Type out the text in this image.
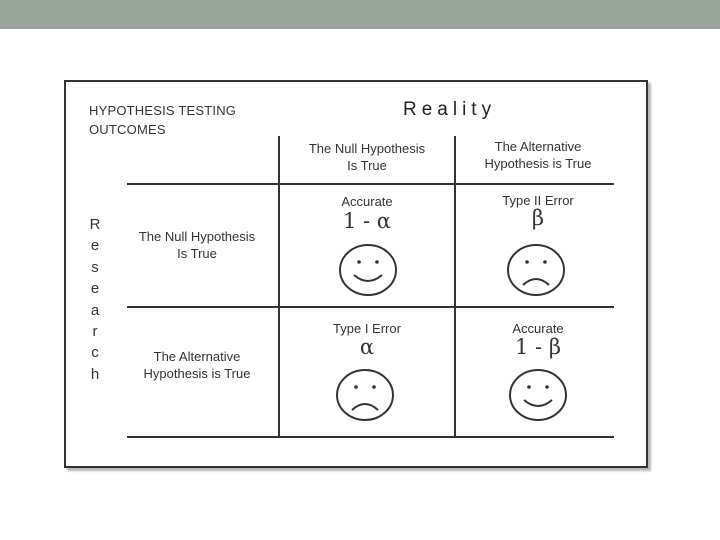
HYPOTHESIS TESTING
OUTCOMES
Reality
The Null Hypothesis
Is True
The Alternative
Hypothesis is True
The Null Hypothesis
Is True
The Alternative
Hypothesis is True
R
e
s
e
a
r
c
h
Accurate
1 - α
Type II Error
β
Type I Error
α
Accurate
1 - β
